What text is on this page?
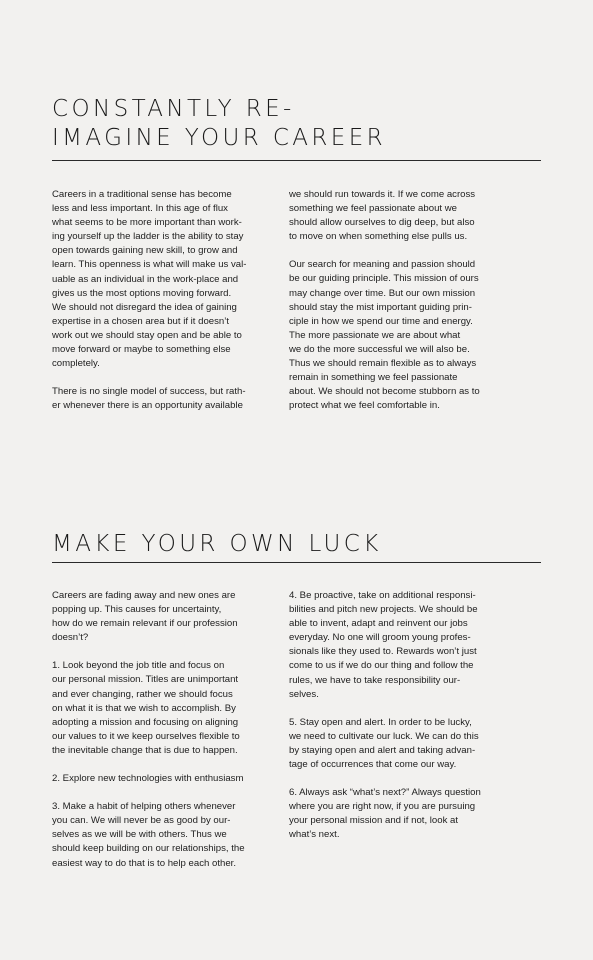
CONSTANTLY RE-
IMAGINE YOUR CAREER

Careers in a traditional sense has become
less and less important. In this age of flux
what seems to be more important than work-
ing yourself up the ladder is the ability to stay
open towards gaining new skill, to grow and
learn. This openness is what will make us val-
uable as an individual in the work-place and
gives us the most options moving forward.
We should not disregard the idea of gaining
expertise in a chosen area but if it doesn’t
work out we should stay open and be able to
move forward or maybe to something else
completely.

There is no single model of success, but rath-
er whenever there is an opportunity available

we should run towards it. If we come across
something we feel passionate about we
should allow ourselves to dig deep, but also
to move on when something else pulls us.

Our search for meaning and passion should
be our guiding principle. This mission of ours
may change over time. But our own mission
should stay the mist important guiding prin-
ciple in how we spend our time and energy.
The more passionate we are about what
we do the more successful we will also be.
Thus we should remain flexible as to always
remain in something we feel passionate
about. We should not become stubborn as to
protect what we feel comfortable in.

MAKE YOUR OWN LUCK

Careers are fading away and new ones are
popping up. This causes for uncertainty,
how do we remain relevant if our profession
doesn’t?

1. Look beyond the job title and focus on
our personal mission. Titles are unimportant
and ever changing, rather we should focus
on what it is that we wish to accomplish. By
adopting a mission and focusing on aligning
our values to it we keep ourselves flexible to
the inevitable change that is due to happen.

2. Explore new technologies with enthusiasm

3. Make a habit of helping others whenever
you can. We will never be as good by our-
selves as we will be with others. Thus we
should keep building on our relationships, the
easiest way to do that is to help each other.

4. Be proactive, take on additional responsi-
bilities and pitch new projects. We should be
able to invent, adapt and reinvent our jobs
everyday. No one will groom young profes-
sionals like they used to. Rewards won’t just
come to us if we do our thing and follow the
rules, we have to take responsibility our-
selves.

5. Stay open and alert. In order to be lucky,
we need to cultivate our luck. We can do this
by staying open and alert and taking advan-
tage of occurrences that come our way.

6. Always ask “what’s next?” Always question
where you are right now, if you are pursuing
your personal mission and if not, look at
what’s next.
